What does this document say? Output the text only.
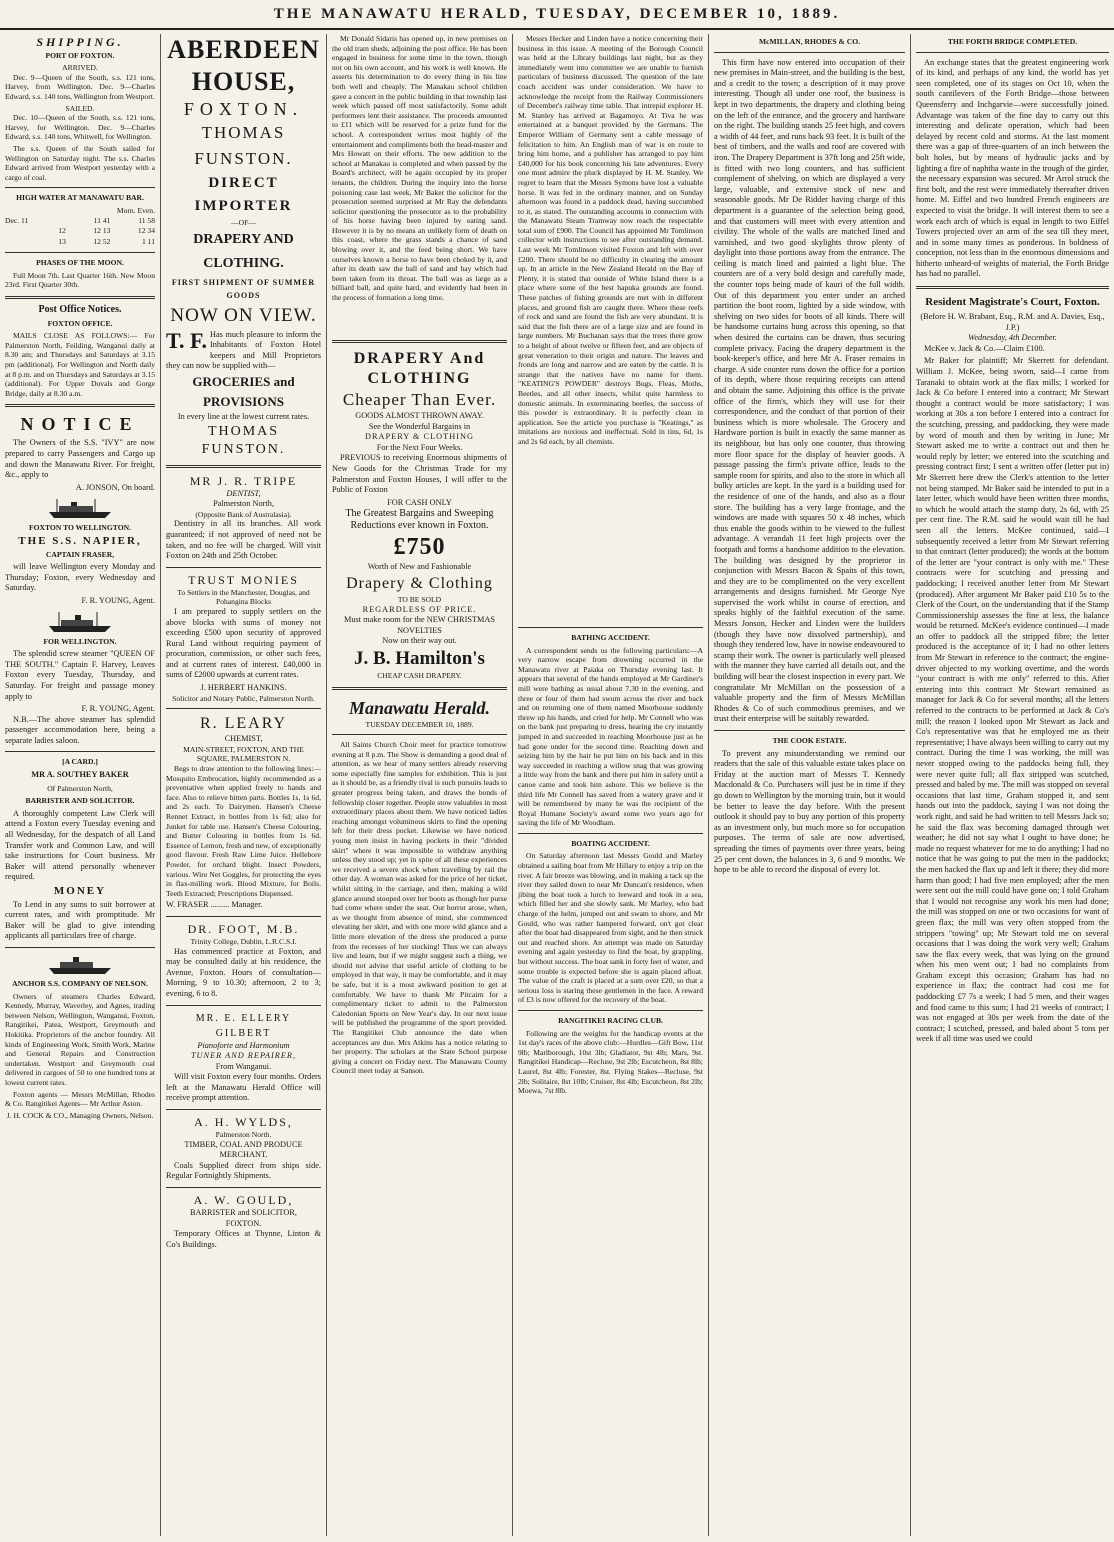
THE MANAWATU HERALD, TUESDAY, DECEMBER 10, 1889.
SHIPPING.
PORT OF FOXTON.
ARRIVED.

Dec. 9—Queen of the South, s.s. 121 tons, Harvey, from Wellington. Dec. 9—Charles Edward, s.s. 140 tons, Wellington from Westport.

SAILED.

Dec. 10—Queen of the South, s.s. 121 tons, Harvey, for Wellington. Dec. 9—Charles Edward, s.s. 140 tons, Whitwell, for Wellington.

The s.s. Queen of the South sailed for Wellington on Saturday night. The s.s. Charles Edward arrived from Westport yesterday with a cargo of coal.

HIGH WATER AT MANAWATU BAR.
Morn. Even.
Dec. 11	11 41	11 58
12	12 13	12 34
13	12 52	1 11
PHASES OF THE MOON.

Full Moon 7th. Last Quarter 16th. New Moon 23rd. First Quarter 30th.

Post Office Notices.
FOXTON OFFICE.

MAILS CLOSE AS FOLLOWS:— For Palmerston North, Feilding, Wanganui daily at 8.30 am; and Thursdays and Saturdays at 3.15 pm (additional). For Wellington and North daily at 8 p.m. and on Thursdays and Saturdays at 3.15 (additional). For Upper Duvals and Gorge Bridge, daily at 8.30 a.m.

NOTICE

The Owners of the S.S. "IVY" are now prepared to carry Passengers and Cargo up and down the Manawatu River. For freight, &c., apply to

A. JONSON, On board.
FOXTON TO WELLINGTON.
THE S.S. NAPIER,
CAPTAIN FRASER,

will leave Wellington every Monday and Thursday; Foxton, every Wednesday and Saturday.

F. R. YOUNG, Agent.
FOR WELLINGTON.

The splendid screw steamer "QUEEN OF THE SOUTH." Captain F. Harvey, Leaves Foxton every Tuesday, Thursday, and Saturday. For freight and passage money apply to

F. R. YOUNG, Agent.

N.B.—The above steamer has splendid passenger accommodation here, being a separate ladies saloon.

[A CARD.]
MR A. SOUTHEY BAKER
Of Palmerston North,
BARRISTER AND SOLICITOR.

A thoroughly competent Law Clerk will attend a Foxton every Tuesday evening and all Wednesday, for the despatch of all Land Transfer work and Common Law, and will take instructions for Court business. Mr Baker will attend personally whenever required.

MONEY

To Lend in any sums to suit borrower at current rates, and with promptitude. Mr Baker will be glad to give intending applicants all particulars free of charge.

ANCHOR S.S. COMPANY OF NELSON.

Owners of steamers Charles Edward, Kennedy, Murray, Waverley, and Agnes, trading between Nelson, Wellington, Wanganui, Foxton, Rangitikei, Patea, Westport, Greymouth and Hokitika. Proprietors of the anchor foundry. All kinds of Engineering Work, Smith Work, Marine and General Repairs and Construction undertaken. Westport and Greymouth coal delivered in cargoes of 50 to one hundred tons at lowest current rates.

Foxton agents — Messrs McMillan, Rhodes & Co. Rangitikei Agents— Mr Arthur Aston.

J. H. COCK & CO., Managing Owners, Nelson.
ABERDEEN HOUSE,
FOXTON.
THOMAS FUNSTON.
DIRECT IMPORTER
—OF—
DRAPERY AND CLOTHING.
FIRST SHIPMENT OF SUMMER GOODS
NOW ON VIEW.
T. F. Has much pleasure to inform the Inhabitants of Foxton Hotel keepers and Mill Proprietors they can now be supplied with—
GROCERIES and PROVISIONS
In every line at the lowest current rates.
THOMAS FUNSTON.
MR J. R. TRIPE
DENTIST,
Palmerston North,
(Opposite Bank of Australasia).

Dentistry in all its branches. All work guaranteed; if not approved of need not be taken, and no fee will be charged. Will visit Foxton on 24th and 25th October.

TRUST MONIES
To Settlers in the Manchester, Douglas, and Pohangina Blocks

I am prepared to supply settlers on the above blocks with sums of money not exceeding £500 upon security of approved Rural Land without requiring payment of procuration, commission, or other such fees, and at current rates of interest. £40,000 in sums of £2000 upwards at current rates.

J. HERBERT HANKINS.
Solicitor and Notary Public, Palmerston North.
R. LEARY
CHEMIST,
MAIN-STREET, FOXTON, AND THE SQUARE, PALMERSTON N.

Begs to draw attention to the following lines:— Mosquito Embrocation, highly recommended as a preventative when applied freely to hands and face. Also to relieve bitten parts. Bottles 1s, 1s 6d, and 2s each. To Dairymen. Hansen's Cheese Rennet Extract, in bottles from 1s 6d; also for Junket for table use. Hansen's Cheese Colouring, and Butter Colouring in bottles from 1s 6d. Essence of Lemon, fresh and new, of exceptionally good flavour. Fresh Raw Lime Juice. Hellebore Powder, for orchard blight. Insect Powders, various. Wire Net Goggles, for protecting the eyes in flax-milling work. Blood Mixture, for Boils. Teeth Extracted; Prescriptions Dispensed.

W. FRASER ......... Manager.
DR. FOOT, M.B.
Trinity College, Dublin, L.R.C.S.I.

Has commenced practice at Foxton, and may be consulted daily at his residence, the Avenue, Foxton. Hours of consultation—Morning, 9 to 10.30; afternoon, 2 to 3; evening, 6 to 8.

MR. E. ELLERY GILBERT
Pianoforte and Harmonium
TUNER AND REPAIRER,
From Wanganui.

Will visit Foxton every four months. Orders left at the Manawatu Herald Office will receive prompt attention.

A. H. WYLDS,
Palmerston North.
TIMBER, COAL AND PRODUCE MERCHANT.

Coals Supplied direct from ships side. Regular Fortnightly Shipments.

A. W. GOULD,
BARRISTER and SOLICITOR,
FOXTON.

Temporary Offices at Thynne, Linton & Co's Buildings.

Mr Donald Sidaris has opened up, in new premises on the old tram sheds, adjoining the post office. He has been engaged in business for some time in the town, though not on his own account, and his work is well known. He asserts his determination to do every thing in his line both well and cheaply. The Manakau school children gave a concert in the public building in that township last week which passed off most satisfactorily. Some adult performers lent their assistance. The proceeds amounted to £11 which will be reserved for a prize fund for the school. A correspondent writes most highly of the entertainment and compliments both the head-master and Mrs Howatt on their efforts. The new addition to the school at Manakau is completed and when passed by the Board's architect, will be again occupied by its proper tenants, the children. During the inquiry into the horse poisoning case last week, Mr Baker the solicitor for the prosecution seemed surprised at Mr Ray the defendants solicitor questioning the prosecutor as to the probability of his horse having been injured by eating sand. However it is by no means an unlikely form of death on this coast, where the grass stands a chance of sand blowing over it, and the feed being short. We have ourselves known a horse to have been choked by it, and after its death saw the ball of sand and hay which had been taken from its throat. The ball was as large as a billiard ball, and quite hard, and evidently had been in the process of formation a long time.

DRAPERY And
CLOTHING
Cheaper Than Ever.
GOODS ALMOST THROWN AWAY.
See the Wonderful Bargains in
DRAPERY & CLOTHING
For the Next Four Weeks.

PREVIOUS to receiving Enormous shipments of New Goods for the Christmas Trade for my Palmerston and Foxton Houses, I will offer to the Public of Foxton

FOR CASH ONLY
The Greatest Bargains and Sweeping Reductions ever known in Foxton.
£750
Worth of New and Fashionable
Drapery & Clothing
TO BE SOLD
REGARDLESS OF PRICE.
Must make room for the NEW CHRISTMAS NOVELTIES
Now on their way out.
J. B. Hamilton's
CHEAP CASH DRAPERY.
Manawatu Herald.
TUESDAY DECEMBER 10, 1889.

All Saints Church Choir meet for practice tomorrow evening at 8 p.m. The Show is demanding a good deal of attention, as we hear of many settlers already reserving some especially fine samples for exhibition. This is just as it should be, as a friendly rival is such pursuits leads to greater progress being taken, and draws the bonds of fellowship closer together. People stow valuables in most extraordinary places about them. We have noticed ladies reaching amongst voluminous skirts to find the opening left for their dress pocket. Likewise we have noticed young men insist in having pockets in their "divided skirt" where it was impossible to withdraw anything unless they stood up; yet in spite of all these experiences we received a severe shock when travelling by rail the other day. A woman was asked for the price of her ticket, whilst sitting in the carriage, and then, making a wild glance around stooped over her boots as though her purse had come where under the seat. Our horror arose, when, as we thought from absence of mind, she commenced elevating her skirt, and with one more wild glance and a little more elevation of the dress she produced a purse from the recesses of her stocking! Thus we can always live and learn, but if we might suggest such a thing, we should not advise that useful article of clothing to be employed in that way, it may be comfortable, and it may be safe, but it is a most awkward position to get at comfortably. We have to thank Mr Pitcairn for a complimentary ticket to admit to the Palmerston Caledonian Sports on New Year's day. In our next issue will be published the programme of the sport provided. The Rangitikei Club announce the date when acceptances are due. Mrs Atkins has a notice relating to her property. The scholars at the State School purpose giving a concert on Friday next. The Manawatu County Council meet today at Sanson.

Messrs Hecker and Linden have a notice concerning their business in this issue. A meeting of the Borough Council was held at the Library buildings last night, but as they immediately went into committee we are unable to furnish particulars of business discussed. The question of the late coach accident was under consideration. We have to acknowledge the receipt from the Railway Commissioners of December's railway time table. That intrepid explorer H. M. Stanley has arrived at Bagamoyo. At Tiva he was entertained at a banquet provided by the Germans. The Emperor William of Germany sent a cable message of felicitation to him. An English man of war is en route to bring him home, and a publisher has arranged to pay him £40,000 for his book concerning his late adventures. Every one must admire the pluck displayed by H. M. Stanley. We regret to learn that the Messrs Symons have lost a valuable horse. It was fed in the ordinary manner, and on Sunday afternoon was found in a paddock dead, having succumbed to it, as stated. The outstanding accounts in connection with the Manawatu Steam Tramway now reach the respectable total sum of £900. The Council has appointed Mr Tomlinson collector with instructions to see after outstanding demand. Last week Mr Tomlinson visited Foxton and left with over £200. There should be no difficulty in clearing the amount up. In an article in the New Zealand Herald on the Bay of Plenty, it is stated that outside of White Island there is a place where some of the best hapuka grounds are found. These patches of fishing grounds are met with in different places, and ground fish are caught there. Where these reefs of rock and sand are found the fish are very abundant. It is said that the fish there are of a large size and are found in large numbers. Mr Buchanan says that the trees there grow to a height of about twelve or fifteen feet, and are objects of great veneration to their origin and nature. The leaves and fronds are long and narrow and are eaten by the cattle. It is strange that the natives have no name for them. "KEATING'S POWDER" destroys Bugs, Fleas, Moths, Beetles, and all other insects, whilst quite harmless to domestic animals. In exterminating beetles, the success of this powder is extraordinary. It is perfectly clean in application. See the article you purchase is "Keatings," as imitations are noxious and ineffectual. Sold in tins, 6d, 1s and 2s 6d each, by all chemists.

BATHING ACCIDENT.

A correspondent sends us the following particulars:—A very narrow escape from drowning occurred in the Manawatu river at Paiaka on Thursday evening last. It appears that several of the hands employed at Mr Gardiner's mill were bathing as usual about 7.30 in the evening, and three or four of them had swum across the river and back and on returning one of them named Moorhouse suddenly threw up his hands, and cried for help. Mr Connell who was on the bank just preparing to dress, hearing the cry instantly jumped in and succeeded in reaching Moorhouse just as he had gone under for the second time. Reaching down and seizing him by the hair he put him on his back and in this way succeeded in reaching a willow snag that was growing a little way from the bank and there put him in safety until a canoe came and took him ashore. This we believe is the third life Mr Connell has saved from a watery grave and it will be remembered by many he was the recipient of the Royal Humane Society's award some two years ago for saving the life of Mr Woodham.

BOATING ACCIDENT.

On Saturday afternoon last Messrs Gould and Marley obtained a sailing boat from Mr Hillary to enjoy a trip on the river. A fair breeze was blowing, and in making a tack up the river they sailed down to near Mr Duncan's residence, when jibing the boat took a lurch to leeward and took in a sea, which filled her and she slowly sank. Mr Marley, who had charge of the helm, jumped out and swam to shore, and Mr Gould, who was rather hampered forward, on't got clear after the boat had disappeared from sight, and he then struck out and reached shore. An attempt was made on Saturday evening and again yesterday to find the boat, by grappling, but without success. The boat sank in forty feet of water, and some trouble is expected before she is again placed afloat. The value of the craft is placed at a sum over £20, so that a serious loss is staring these gentlemen in the face. A reward of £3 is now offered for the recovery of the boat.

RANGITIKEI RACING CLUB.

Following are the weights for the handicap events at the 1st day's races of the above club:—Hurdles—Gift Bow, 11st 9lb; Marlborough, 10st 3lb; Gladiator, 9st 4lb; Mars, 9st. Rangitikei Handicap—Recluse, 9st 2lb; Escutcheon, 8st 8lb; Laurel, 8st 4lb; Forester, 8st. Flying Stakes—Recluse, 9st 2lb; Solitaire, 8st 10lb; Cruiser, 8st 4lb; Escutcheon, 8st 2lb; Moewa, 7st 8lb.

McMILLAN, RHODES & CO.

This firm have now entered into occupation of their new premises in Main-street, and the building is the best, and a credit to the town; a description of it may prove interesting. Though all under one roof, the business is kept in two departments, the drapery and clothing being on the left of the entrance, and the grocery and hardware on the right. The building stands 25 feet high, and covers a width of 44 feet, and runs back 93 feet. It is built of the best of timbers, and the walls and roof are covered with iron. The Drapery Department is 37ft long and 25ft wide, is fitted with two long counters, and has sufficient complement of shelving, on which are displayed a very large, valuable, and extensive stock of new and seasonable goods. Mr De Ridder having charge of this department is a guarantee of the selection being good, and that customers will meet with every attention and civility. The whole of the walls are matched lined and varnished, and two good skylights throw plenty of daylight into those portions away from the entrance. The ceiling is match lined and painted a light blue. The counters are of a very bold design and carefully made, the counter tops being made of kauri of the full width. Out of this department you enter under an arched partition the boot room, lighted by a side window, with shelving on two sides for boots of all kinds. There will be handsome curtains hung across this opening, so that when desired the curtains can be drawn, thus securing complete privacy. Facing the drapery department is the book-keeper's office, and here Mr A. Fraser remains in charge. A side counter runs down the office for a portion of its depth, where those requiring receipts can attend and obtain the same. Adjoining this office is the private office of the firm's, which they will use for their correspondence, and the conduct of that portion of their business which is more wholesale. The Grocery and Hardware portion is built in exactly the same manner as its neighbour, but has only one counter, thus throwing more floor space for the display of heavier goods. A passage passing the firm's private office, leads to the sample room for spirits, and also to the store in which all bulky articles are kept. In the yard is a building used for the residence of one of the hands, and also as a flour store. The building has a very large frontage, and the windows are made with squares 50 x 48 inches, which thus enable the goods within to be viewed to the fullest advantage. A verandah 11 feet high projects over the footpath and forms a handsome addition to the elevation. The building was designed by the proprietor in conjunction with Messrs Bacon & Spaits of this town, and they are to be complimented on the very excellent arrangements and designs furnished. Mr George Nye supervised the work whilst in course of erection, and speaks highly of the faithful execution of the same. Messrs Jonson, Hecker and Linden were the builders (though they have now dissolved partnership), and though they tendered low, have in nowise endeavoured to scamp their work. The owner is particularly well pleased with the manner they have carried all details out, and the building will bear the closest inspection in every part. We congratulate Mr McMillan on the possession of a valuable property and the firm of Messrs McMillan Rhodes & Co of such commodious premises, and we trust their enterprise will be suitably rewarded.

THE COOK ESTATE.

To prevent any misunderstanding we remind our readers that the sale of this valuable estate takes place on Friday at the auction mart of Messrs T. Kennedy Macdonald & Co. Purchasers will just be in time if they go down to Wellington by the morning train, but it would be better to leave the day before. With the present outlook it should pay to buy any portion of this property as an investment only, but much more so for occupation purposes. The terms of sale are now advertised, spreading the times of payments over three years, being 25 per cent down, the balances in 3, 6 and 9 months. We hope to be able to record the disposal of every lot.

THE FORTH BRIDGE COMPLETED.

An exchange states that the greatest engineering work of its kind, and perhaps of any kind, the world has yet seen completed, one of its stages on Oct 10, when the south cantilevers of the Forth Bridge—those between Queensferry and Inchgarvie—were successfully joined. Advantage was taken of the fine day to carry out this interesting and delicate operation, which had been delayed by recent cold and storms. At the last moment there was a gap of three-quarters of an inch between the bolt holes, but by means of hydraulic jacks and by lighting a fire of naphtha waste in the trough of the girder, the necessary expansion was secured. Mr Arrol struck the first bolt, and the rest were immediately thereafter driven home. M. Eiffel and two hundred French engineers are expected to visit the bridge. It will interest them to see a work each arch of which is equal in length to two Eiffel Towers projected over an arm of the sea till they meet, and in some many times as ponderous. In boldness of conception, not less than in the enormous dimensions and hitherto unheard-of weights of material, the Forth Bridge has had no parallel.

Resident Magistrate's Court, Foxton.
(Before H. W. Brabant, Esq., R.M. and A. Davies, Esq., J.P.)
Wednesday, 4th December.

McKee v. Jack & Co.—Claim £100.

Mr Baker for plaintiff; Mr Skerrett for defendant. William J. McKee, being sworn, said—I came from Taranaki to obtain work at the flax mills; I worked for Jack & Co before I entered into a contract; Mr Stewart thought a contract would be more satisfactory; I was working at 30s a ton before I entered into a contract for the scutching, pressing, and paddocking, they were made by word of mouth and then by writing in June; Mr Stewart asked me to write a contract out and then he would reply by letter; we entered into the scutching and pressing contract first; I sent a written offer (letter put in) Mr Skerrett here drew the Clerk's attention to the letter not being stamped. Mr Baker said he intended to put in a later letter, which would have been written three months, to which he would attach the stamp duty, 2s 6d, with 25 per cent fine. The R.M. said he would wait till he had seen all the letters. McKee continued, said—I subsequently received a letter from Mr Stewart referring to that contract (letter produced); the words at the bottom of the letter are "your contract is only with me." These contracts were for scutching and pressing and paddocking; I received another letter from Mr Stewart (produced). After argument Mr Baker paid £10 5s to the Clerk of the Court, on the understanding that if the Stamp Commissionership assesses the fine at less, the balance would be returned. McKee's evidence continued—I made an offer to paddock all the stripped fibre; the letter produced is the acceptance of it; I had no other letters from Mr Stewart in reference to the contract; the engine-driver objected to my working overtime, and the words "your contract is with me only" referred to this. After entering into this contract Mr Stewart remained as manager for Jack & Co for several months; all the letters referred to the contracts to be performed at Jack & Co's mill; the reason I looked upon Mr Stewart as Jack and Co's representative was that he employed me as their representative; I have always been willing to carry out my contract. During the time I was working, the mill was never stopped owing to the paddocks being full, they were never quite full; all flax stripped was scutched, pressed and baled by me. The mill was stopped on several occasions that last time, Graham stopped it, and sent hands out into the paddock, saying I was not doing the work right, and said he had written to tell Messrs Jack so; he said the flax was becoming damaged through wet weather; he did not say what I ought to have done; he made no request whatever for me to do anything; I had no notice that he was going to put the men in the paddocks; the men hacked the flax up and left it there; they did more harm than good; I had five men employed; after the men were sent out the mill could have gone on; I told Graham that I would not recognise any work his men had done; the mill was stopped on one or two occasions for want of green flax; the mill was very often stopped from the strippers "towing" up; Mr Stewart told me on several occasions that I was doing the work very well; Graham saw the flax every week, that was lying on the ground when his men went out; I had no complaints from Graham except this occasion; Graham has had no experience in flax; the contract had cost me for paddocking £7 7s a week; I had 5 men, and their wages and food came to this sum; I had 21 weeks of contract; I was not engaged at 30s per week from the date of the contract; I scutched, pressed, and baled about 5 tons per week if all time was used we could
